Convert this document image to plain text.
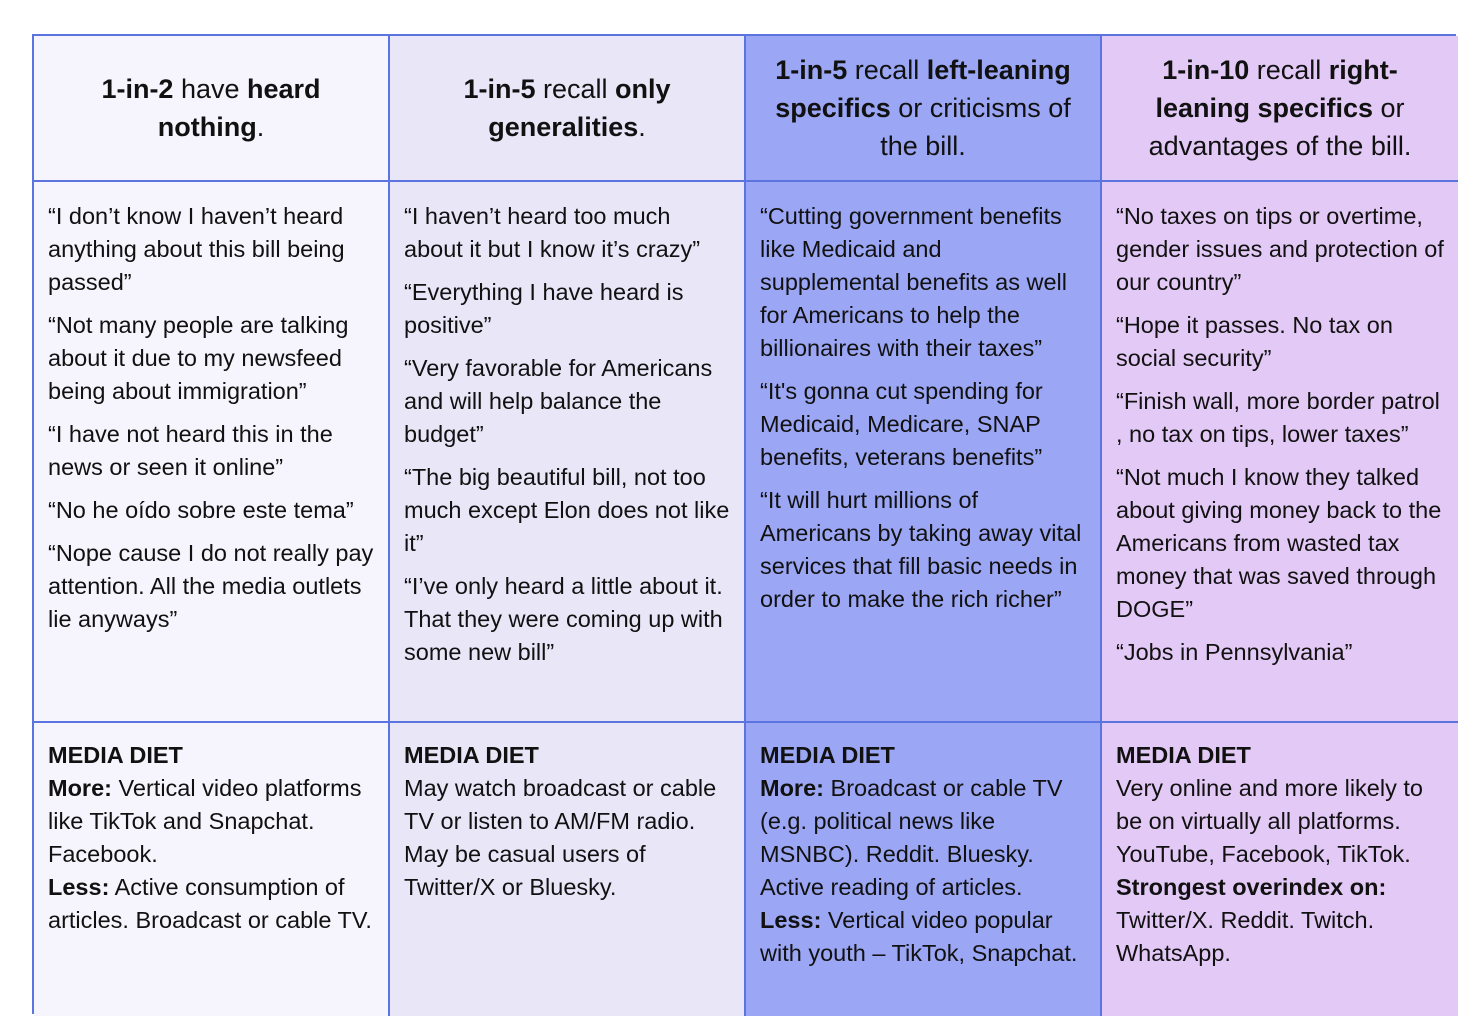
1-in-2 have heard nothing.
1-in-5 recall only generalities.
1-in-5 recall left-leaning specifics or criticisms of the bill.
1-in-10 recall right-leaning specifics or advantages of the bill.

“I don’t know I haven’t heard anything about this bill being passed”

“Not many people are talking about it due to my newsfeed being about immigration”

“I have not heard this in the news or seen it online”

“No he oído sobre este tema”

“Nope cause I do not really pay attention. All the media outlets lie anyways”

“I haven’t heard too much about it but I know it’s crazy”

“Everything I have heard is positive”

“Very favorable for Americans and will help balance the budget”

“The big beautiful bill, not too much except Elon does not like it”

“I’ve only heard a little about it. That they were coming up with some new bill”

“Cutting government benefits like Medicaid and supplemental benefits as well for Americans to help the billionaires with their taxes”

“It's gonna cut spending for Medicaid, Medicare, SNAP benefits, veterans benefits”

“It will hurt millions of Americans by taking away vital services that fill basic needs in order to make the rich richer”

“No taxes on tips or overtime, gender issues and protection of our country”

“Hope it passes. No tax on social security”

“Finish wall, more border patrol , no tax on tips, lower taxes”

“Not much I know they talked about giving money back to the Americans from wasted tax money that was saved through DOGE”

“Jobs in Pennsylvania”

MEDIA DIET
More: Vertical video platforms like TikTok and Snapchat. Facebook.
Less: Active consumption of articles. Broadcast or cable TV.
MEDIA DIET
May watch broadcast or cable TV or listen to AM/FM radio. May be casual users of Twitter/X or Bluesky.
MEDIA DIET
More: Broadcast or cable TV (e.g. political news like MSNBC). Reddit. Bluesky. Active reading of articles.
Less: Vertical video popular with youth – TikTok, Snapchat.
MEDIA DIET
Very online and more likely to be on virtually all platforms. YouTube, Facebook, TikTok.
Strongest overindex on: Twitter/X. Reddit. Twitch. WhatsApp.
